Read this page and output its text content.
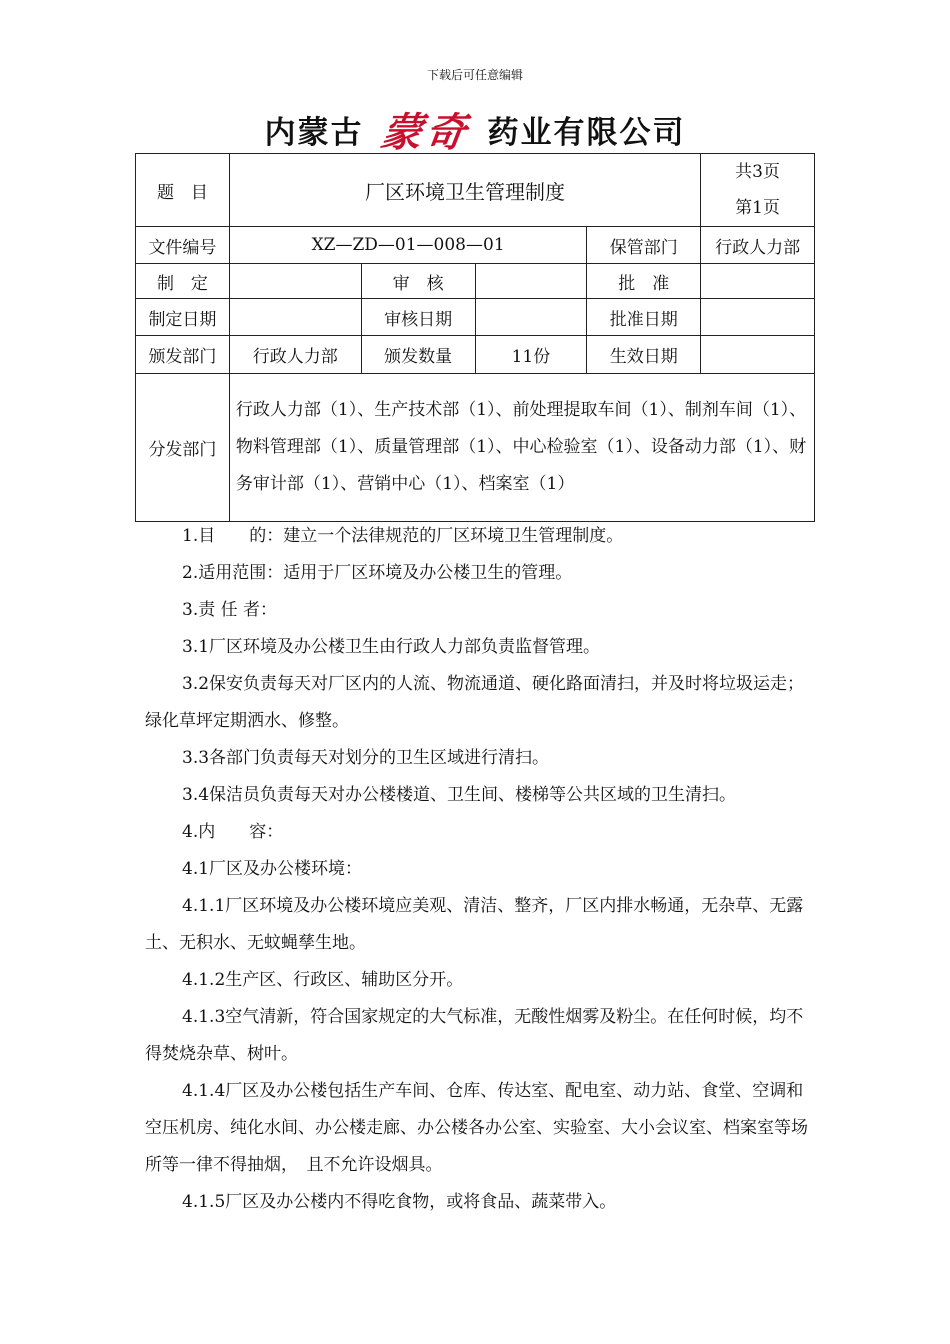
下载后可任意编辑
内蒙古 蒙奇 药业有限公司
题　目	厂区环境卫生管理制度				共3页
第1页

文件编号	XZ—ZD—01—008—01			保管部门	行政人力部
制　定		审　核		批　准	
制定日期		审核日期		批准日期	
颁发部门	行政人力部	颁发数量	11份	生效日期	
分发部门	行政人力部（1）、生产技术部（1）、前处理提取车间（1）、制剂车间（1）、物料管理部（1）、质量管理部（1）、中心检验室（1）、设备动力部（1）、财务审计部（1）、营销中心（1）、档案室（1）				

1.目　　的：建立一个法律规范的厂区环境卫生管理制度。

2.适用范围：适用于厂区环境及办公楼卫生的管理。

3.责 任 者：

3.1厂区环境及办公楼卫生由行政人力部负责监督管理。

3.2保安负责每天对厂区内的人流、物流通道、硬化路面清扫，并及时将垃圾运走；绿化草坪定期洒水、修整。

3.3各部门负责每天对划分的卫生区域进行清扫。

3.4保洁员负责每天对办公楼楼道、卫生间、楼梯等公共区域的卫生清扫。

4.内　　容：

4.1厂区及办公楼环境：

4.1.1厂区环境及办公楼环境应美观、清洁、整齐，厂区内排水畅通，无杂草、无露土、无积水、无蚊蝇孳生地。

4.1.2生产区、行政区、辅助区分开。

4.1.3空气清新，符合国家规定的大气标准，无酸性烟雾及粉尘。在任何时候，均不得焚烧杂草、树叶。

4.1.4厂区及办公楼包括生产车间、仓库、传达室、配电室、动力站、食堂、空调和空压机房、纯化水间、办公楼走廊、办公楼各办公室、实验室、大小会议室、档案室等场所等一律不得抽烟，　且不允许设烟具。

4.1.5厂区及办公楼内不得吃食物，或将食品、蔬菜带入。
